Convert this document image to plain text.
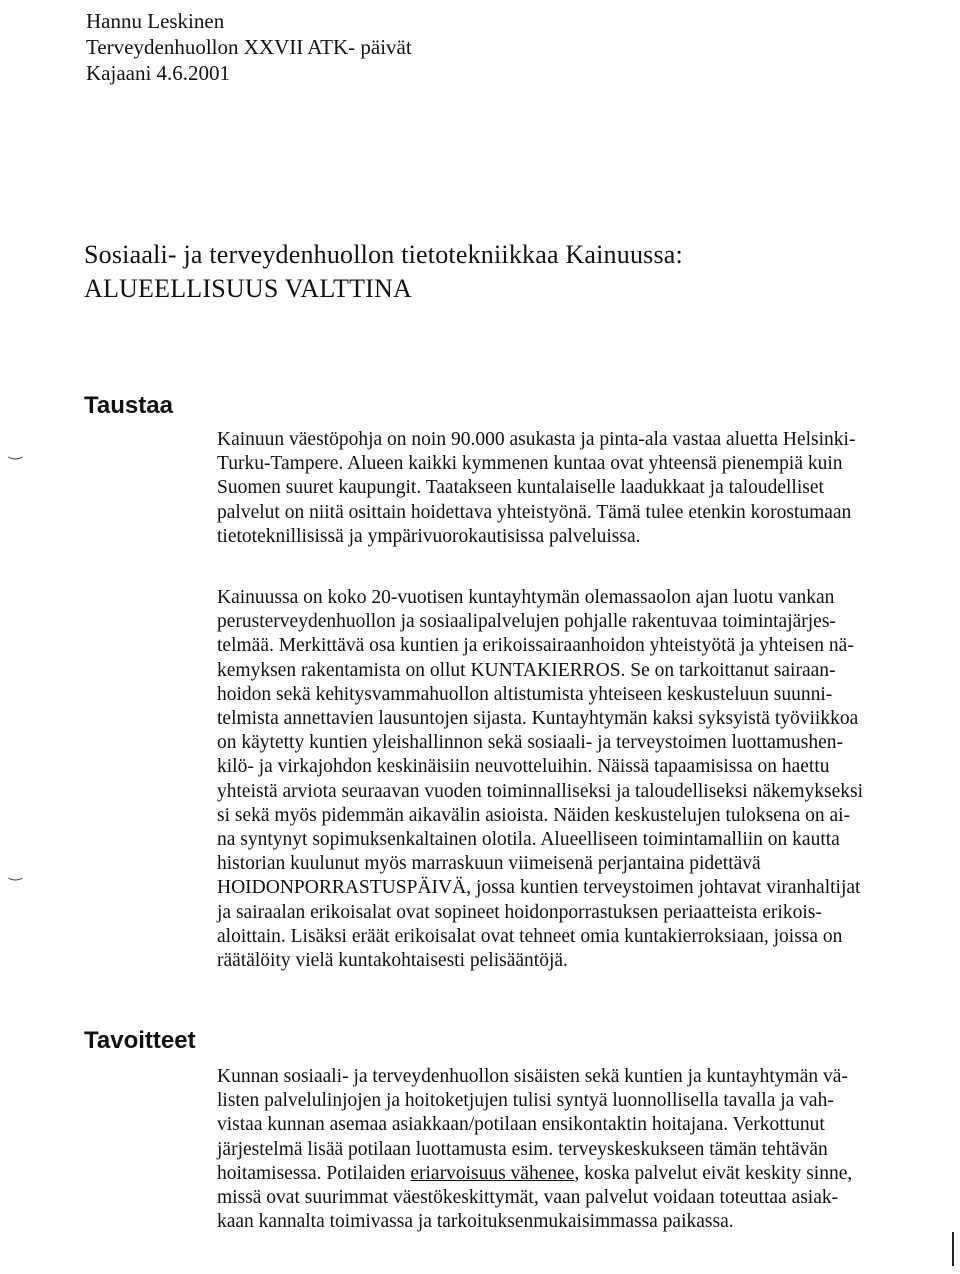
Hannu Leskinen
Terveydenhuollon XXVII ATK- päivät
Kajaani 4.6.2001
Sosiaali- ja terveydenhuollon tietotekniikkaa Kainuussa:
ALUEELLISUUS VALTTINA
Taustaa
‿
Kainuun väestöpohja on noin 90.000 asukasta ja pinta-ala vastaa aluetta Helsinki-
Turku-Tampere. Alueen kaikki kymmenen kuntaa ovat yhteensä pienempiä kuin
Suomen suuret kaupungit. Taatakseen kuntalaiselle laadukkaat ja taloudelliset
palvelut on niitä osittain hoidettava yhteistyönä. Tämä tulee etenkin korostumaan
tietoteknillisissä ja ympärivuorokautisissa palveluissa.
Kainuussa on koko 20-vuotisen kuntayhtymän olemassaolon ajan luotu vankan
perusterveydenhuollon ja sosiaalipalvelujen pohjalle rakentuvaa toimintajärjes-
telmää. Merkittävä osa kuntien ja erikoissairaanhoidon yhteistyötä ja yhteisen nä-
kemyksen rakentamista on ollut KUNTAKIERROS. Se on tarkoittanut sairaan-
hoidon sekä kehitysvammahuollon altistumista yhteiseen keskusteluun suunni-
telmista annettavien lausuntojen sijasta. Kuntayhtymän kaksi syksyistä työviikkoa
on käytetty kuntien yleishallinnon sekä sosiaali- ja terveystoimen luottamushen-
kilö- ja virkajohdon keskinäisiin neuvotteluihin. Näissä tapaamisissa on haettu
yhteistä arviota seuraavan vuoden toiminnalliseksi ja taloudelliseksi näkemykseksi
si sekä myös pidemmän aikavälin asioista. Näiden keskustelujen tuloksena on ai-
na syntynyt sopimuksenkaltainen olotila. Alueelliseen toimintamalliin on kautta
historian kuulunut myös marraskuun viimeisenä perjantaina pidettävä
HOIDONPORRASTUSPÄIVÄ, jossa kuntien terveystoimen johtavat viranhaltijat
ja sairaalan erikoisalat ovat sopineet hoidonporrastuksen periaatteista erikois-
aloittain. Lisäksi eräät erikoisalat ovat tehneet omia kuntakierroksiaan, joissa on
räätälöity vielä kuntakohtaisesti pelisääntöjä.
‿
Tavoitteet
Kunnan sosiaali- ja terveydenhuollon sisäisten sekä kuntien ja kuntayhtymän vä-
listen palvelulinjojen ja hoitoketjujen tulisi syntyä luonnollisella tavalla ja vah-
vistaa kunnan asemaa asiakkaan/potilaan ensikontaktin hoitajana. Verkottunut
järjestelmä lisää potilaan luottamusta esim. terveyskeskukseen tämän tehtävän
hoitamisessa. Potilaiden eriarvoisuus vähenee, koska palvelut eivät keskity sinne,
missä ovat suurimmat väestökeskittymät, vaan palvelut voidaan toteuttaa asiak-
kaan kannalta toimivassa ja tarkoituksenmukaisimmassa paikassa.
